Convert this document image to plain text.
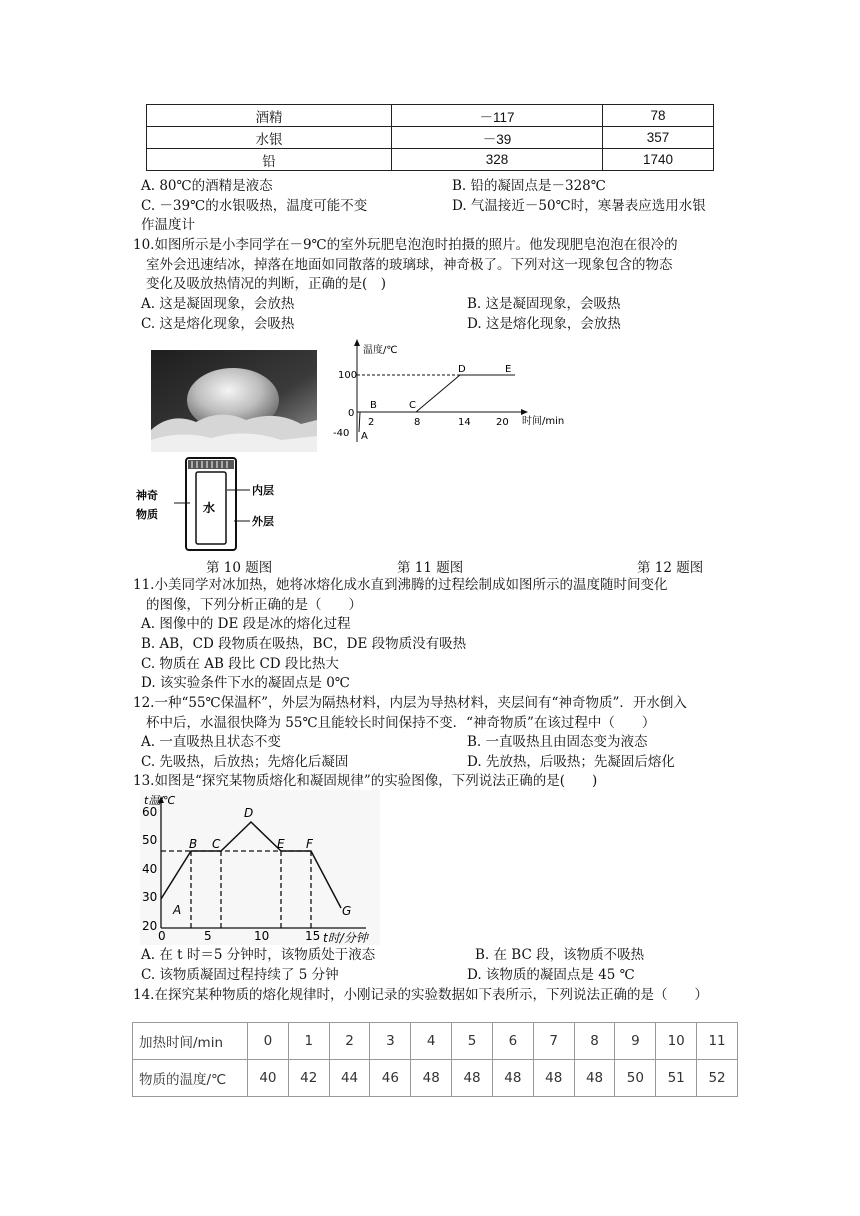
酒精	－117	78
水银	－39	357
铅	328	1740
A. 80℃的酒精是液态	B. 铅的凝固点是－328℃
C. －39℃的水银吸热，温度可能不变	D. 气温接近－50℃时，寒暑表应选用水银
作温度计
10.如图所示是小李同学在－9℃的室外玩肥皂泡泡时拍摄的照片。他发现肥皂泡泡在很冷的
室外会迅速结冰，掉落在地面如同散落的玻璃球，神奇极了。下列对这一现象包含的物态
变化及吸放热情况的判断，正确的是(　)
A. 这是凝固现象，会放热	B. 这是凝固现象，会吸热
C. 这是熔化现象，会吸热	D. 这是熔化现象，会放热
温度/℃
时间/min
100
0
-40
2	8	14	20
A
B	C
D	E
水
神奇
物质
内层
外层
第 10 题图	第 11 题图	第 12 题图
11.小美同学对冰加热，她将冰熔化成水直到沸腾的过程绘制成如图所示的温度随时间变化
的图像，下列分析正确的是（　　）
A. 图像中的 DE 段是冰的熔化过程
B. AB，CD 段物质在吸热，BC，DE 段物质没有吸热
C. 物质在 AB 段比 CD 段比热大
D. 该实验条件下水的凝固点是 0℃
12.一种“55℃保温杯”，外层为隔热材料，内层为导热材料，夹层间有“神奇物质”．开水倒入
杯中后，水温很快降为 55℃且能较长时间保持不变．“神奇物质”在该过程中（　　）
A. 一直吸热且状态不变	B. 一直吸热且由固态变为液态
C. 先吸热，后放热；先熔化后凝固	D. 先放热，后吸热；先凝固后熔化
13.如图是“探究某物质熔化和凝固规律”的实验图像，下列说法正确的是(　　)
t温/℃
20
30
40
50
60
0	5	10	15 t时/分钟
A
B C
D
E F
G
A. 在 t 时＝5 分钟时，该物质处于液态	B. 在 BC 段，该物质不吸热
C. 该物质凝固过程持续了 5 分钟	D. 该物质的凝固点是 45 ℃
14.在探究某种物质的熔化规律时，小刚记录的实验数据如下表所示，下列说法正确的是（　　）
加热时间/min	0	1	2	3	4	5	6	7	8	9	10	11
物质的温度/℃	40	42	44	46	48	48	48	48	48	50	51	52
